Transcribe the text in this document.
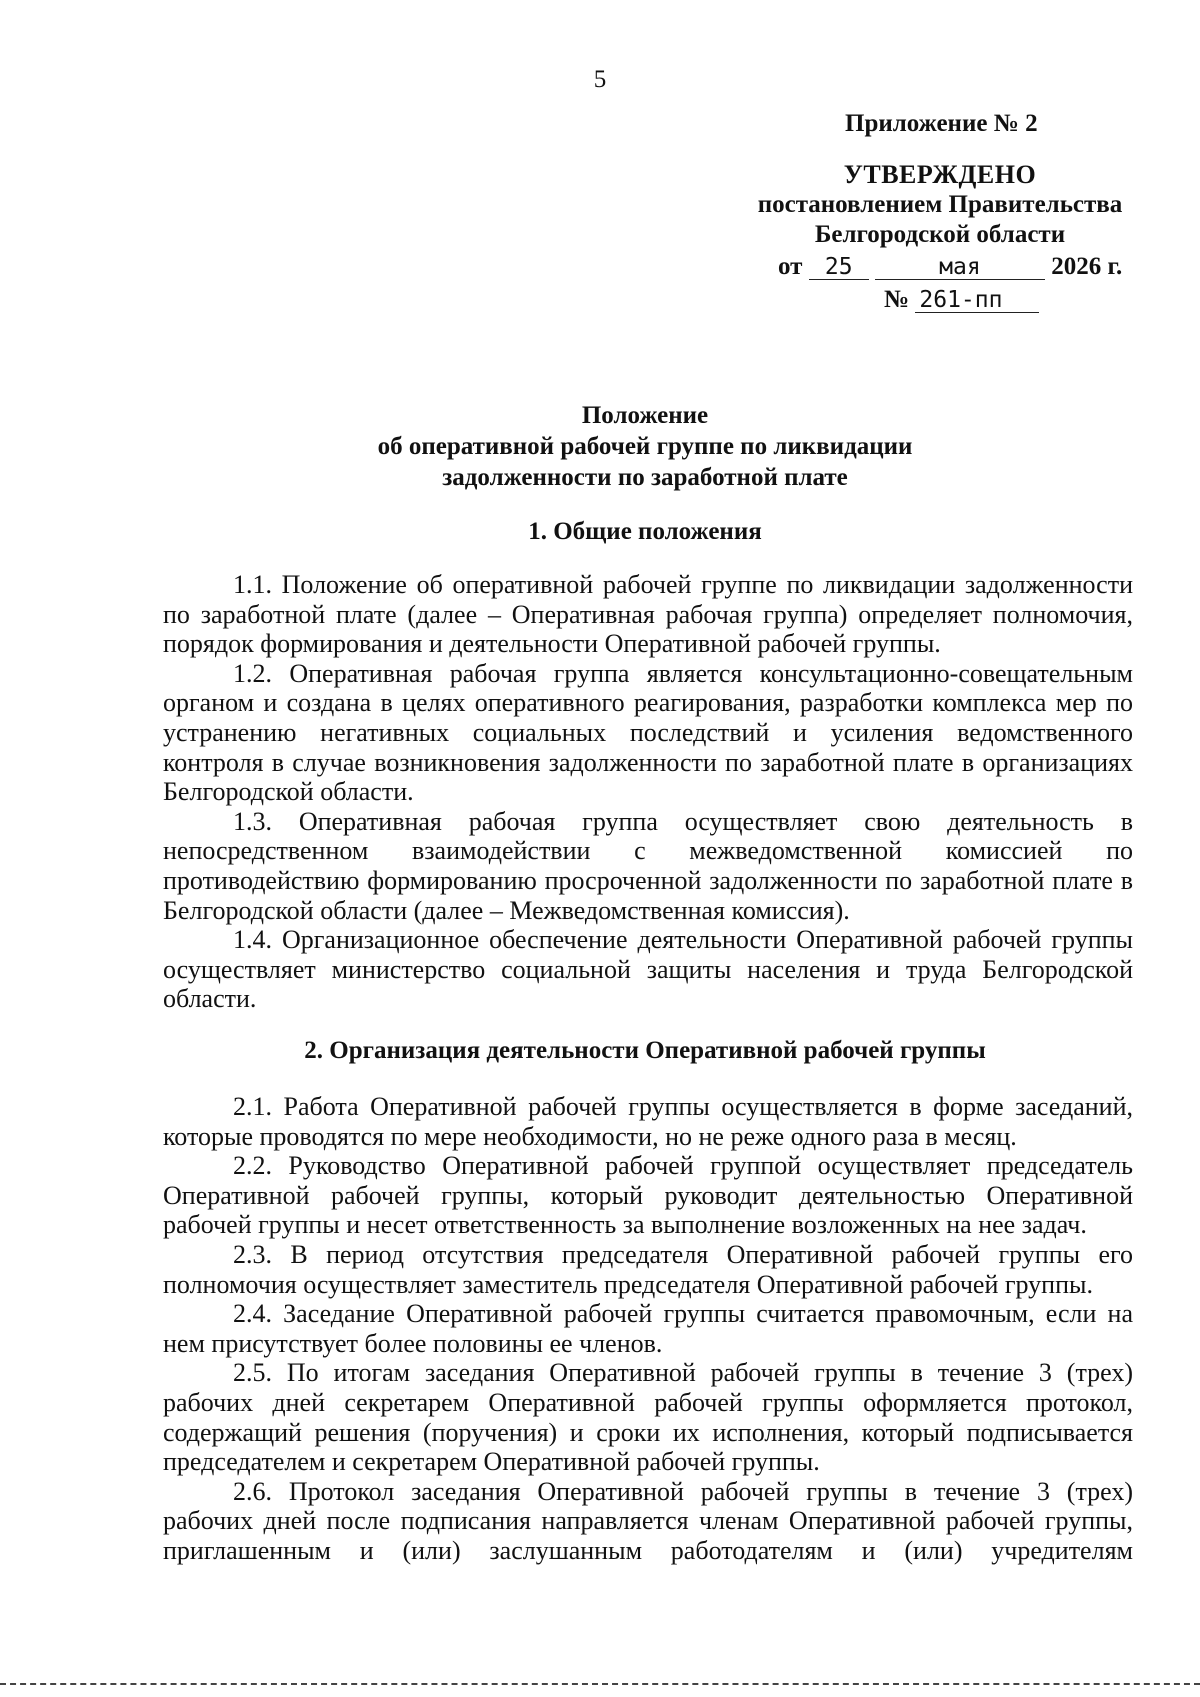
5
Приложение № 2
УТВЕРЖДЕНО
постановлением Правительства
Белгородской области
от 25	мая	2026 г.
№ 261-пп
Положение
об оперативной рабочей группе по ликвидации
задолженности по заработной плате
1. Общие положения

1.1. Положение об оперативной рабочей группе по ликвидации задолженности по заработной плате (далее – Оперативная рабочая группа) определяет полномочия, порядок формирования и деятельности Оперативной рабочей группы.

1.2. Оперативная рабочая группа является консультационно-совещательным органом и создана в целях оперативного реагирования, разработки комплекса мер по устранению негативных социальных последствий и усиления ведомственного контроля в случае возникновения задолженности по заработной плате в организациях Белгородской области.

1.3. Оперативная рабочая группа осуществляет свою деятельность в непосредственном взаимодействии с межведомственной комиссией по противодействию формированию просроченной задолженности по заработной плате в Белгородской области (далее – Межведомственная комиссия).

1.4. Организационное обеспечение деятельности Оперативной рабочей группы осуществляет министерство социальной защиты населения и труда Белгородской области.

2. Организация деятельности Оперативной рабочей группы

2.1. Работа Оперативной рабочей группы осуществляется в форме заседаний, которые проводятся по мере необходимости, но не реже одного раза в месяц.

2.2. Руководство Оперативной рабочей группой осуществляет председатель Оперативной рабочей группы, который руководит деятельностью Оперативной рабочей группы и несет ответственность за выполнение возложенных на нее задач.

2.3. В период отсутствия председателя Оперативной рабочей группы его полномочия осуществляет заместитель председателя Оперативной рабочей группы.

2.4. Заседание Оперативной рабочей группы считается правомочным, если на нем присутствует более половины ее членов.

2.5. По итогам заседания Оперативной рабочей группы в течение 3 (трех) рабочих дней секретарем Оперативной рабочей группы оформляется протокол, содержащий решения (поручения) и сроки их исполнения, который подписывается председателем и секретарем Оперативной рабочей группы.

2.6. Протокол заседания Оперативной рабочей группы в течение 3 (трех) рабочих дней после подписания направляется членам Оперативной рабочей группы, приглашенным и (или) заслушанным работодателям и (или) учредителям
